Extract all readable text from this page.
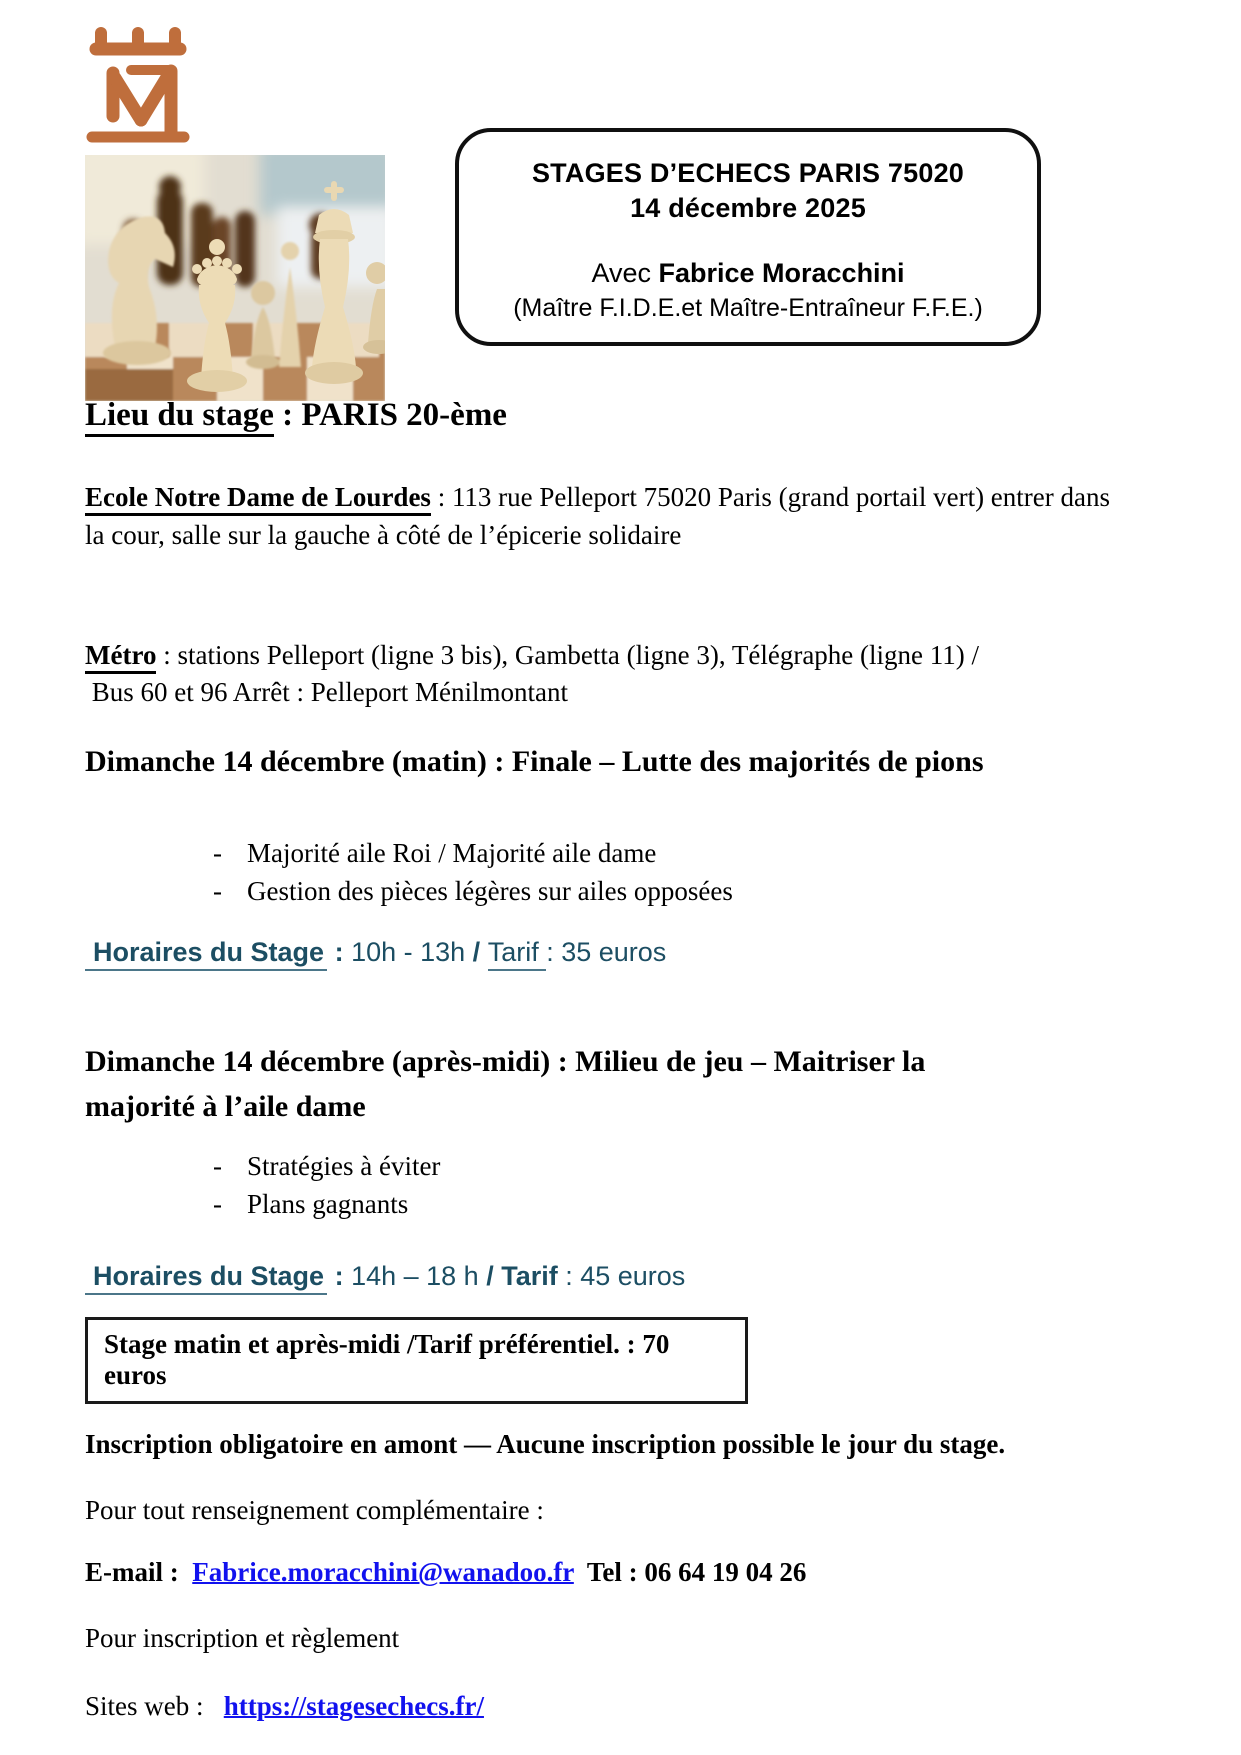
STAGES D’ECHECS PARIS 75020
14 décembre 2025
Avec Fabrice Moracchini
(Maître F.I.D.E.et Maître-Entraîneur F.F.E.)
Lieu du stage : PARIS 20-ème
Ecole Notre Dame de Lourdes : 113 rue Pelleport 75020 Paris (grand portail vert) entrer dans la cour, salle sur la gauche à côté de l’épicerie solidaire
Métro : stations Pelleport (ligne 3 bis), Gambetta (ligne 3), Télégraphe (ligne 11) /
Bus 60 et 96 Arrêt : Pelleport Ménilmontant
Dimanche 14 décembre (matin) : Finale – Lutte des majorités de pions
- Majorité aile Roi / Majorité aile dame
- Gestion des pièces légères sur ailes opposées
Horaires du Stage : 10h - 13h / Tarif : 35 euros
Dimanche 14 décembre (après-midi) : Milieu de jeu – Maitriser la majorité à l’aile dame
- Stratégies à éviter
- Plans gagnants
Horaires du Stage : 14h – 18 h / Tarif : 45 euros
Stage matin et après-midi /Tarif préférentiel. : 70 euros
Inscription obligatoire en amont — Aucune inscription possible le jour du stage.
Pour tout renseignement complémentaire :
E-mail :  Fabrice.moracchini@wanadoo.fr  Tel : 06 64 19 04 26
Pour inscription et règlement
Sites web :   https://stagesechecs.fr/
